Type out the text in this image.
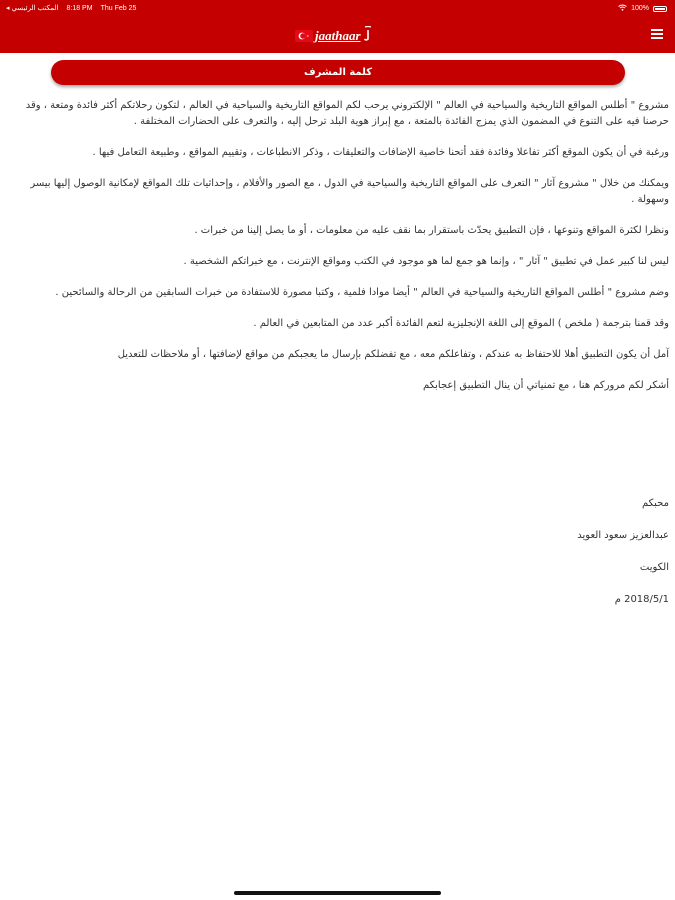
◂ المكتب الرئيسي 8:18 PM Thu Feb 25	100%
jaathaar
كلمة المشرف

مشروع " أطلس المواقع التاريخية والسياحية في العالم " الإلكتروني يرحب لكم المواقع التاريخية والسياحية في العالم ، لتكون رحلاتكم أكثر فائدة ومتعة ، وقد حرصنا فيه على التنوع في المضمون الذي يمزج الفائدة بالمتعة ، مع إبراز هوية البلد ترحل إليه ، والتعرف على الحضارات المختلفة .

ورغبة في أن يكون الموقع أكثر تفاعلا وفائدة فقد أتحنا خاصية الإضافات والتعليقات ، وذكر الانطباعات ، وتقييم المواقع ، وطبيعة التعامل فيها .

ويمكنك من خلال " مشروع آثار " التعرف على المواقع التاريخية والسياحية في الدول ، مع الصور والأفلام ، وإحداثيات تلك المواقع لإمكانية الوصول إليها بيسر وسهولة .

ونظرا لكثرة المواقع وتنوعها ، فإن التطبيق يحدّث باستقرار بما نقف عليه من معلومات ، أو ما يصل إلينا من خبرات .

ليس لنا كبير عمل في تطبيق " آثار " ، وإنما هو جمع لما هو موجود في الكتب ومواقع الإنترنت ، مع خبراتكم الشخصية .

وضم مشروع " أطلس المواقع التاريخية والسياحية في العالم " أيضا موادا فلمية ، وكتبا مصورة للاستفادة من خبرات السابقين من الرحالة والسائحين .

وقد قمنا بترجمة ( ملخص ) الموقع إلى اللغة الإنجليزية لتعم الفائدة أكبر عدد من المتابعين في العالم .

آمل أن يكون التطبيق أهلا للاحتفاظ به عندكم ، وتفاعلكم معه ، مع تفضلكم بإرسال ما يعجبكم من مواقع لإضافتها ، أو ملاحظات للتعديل

أشكر لكم مروركم هنا ، مع تمنياتي أن ينال التطبيق إعجابكم

محبكم
عبدالعزيز سعود العويد
الكويت
2018/5/1 م
